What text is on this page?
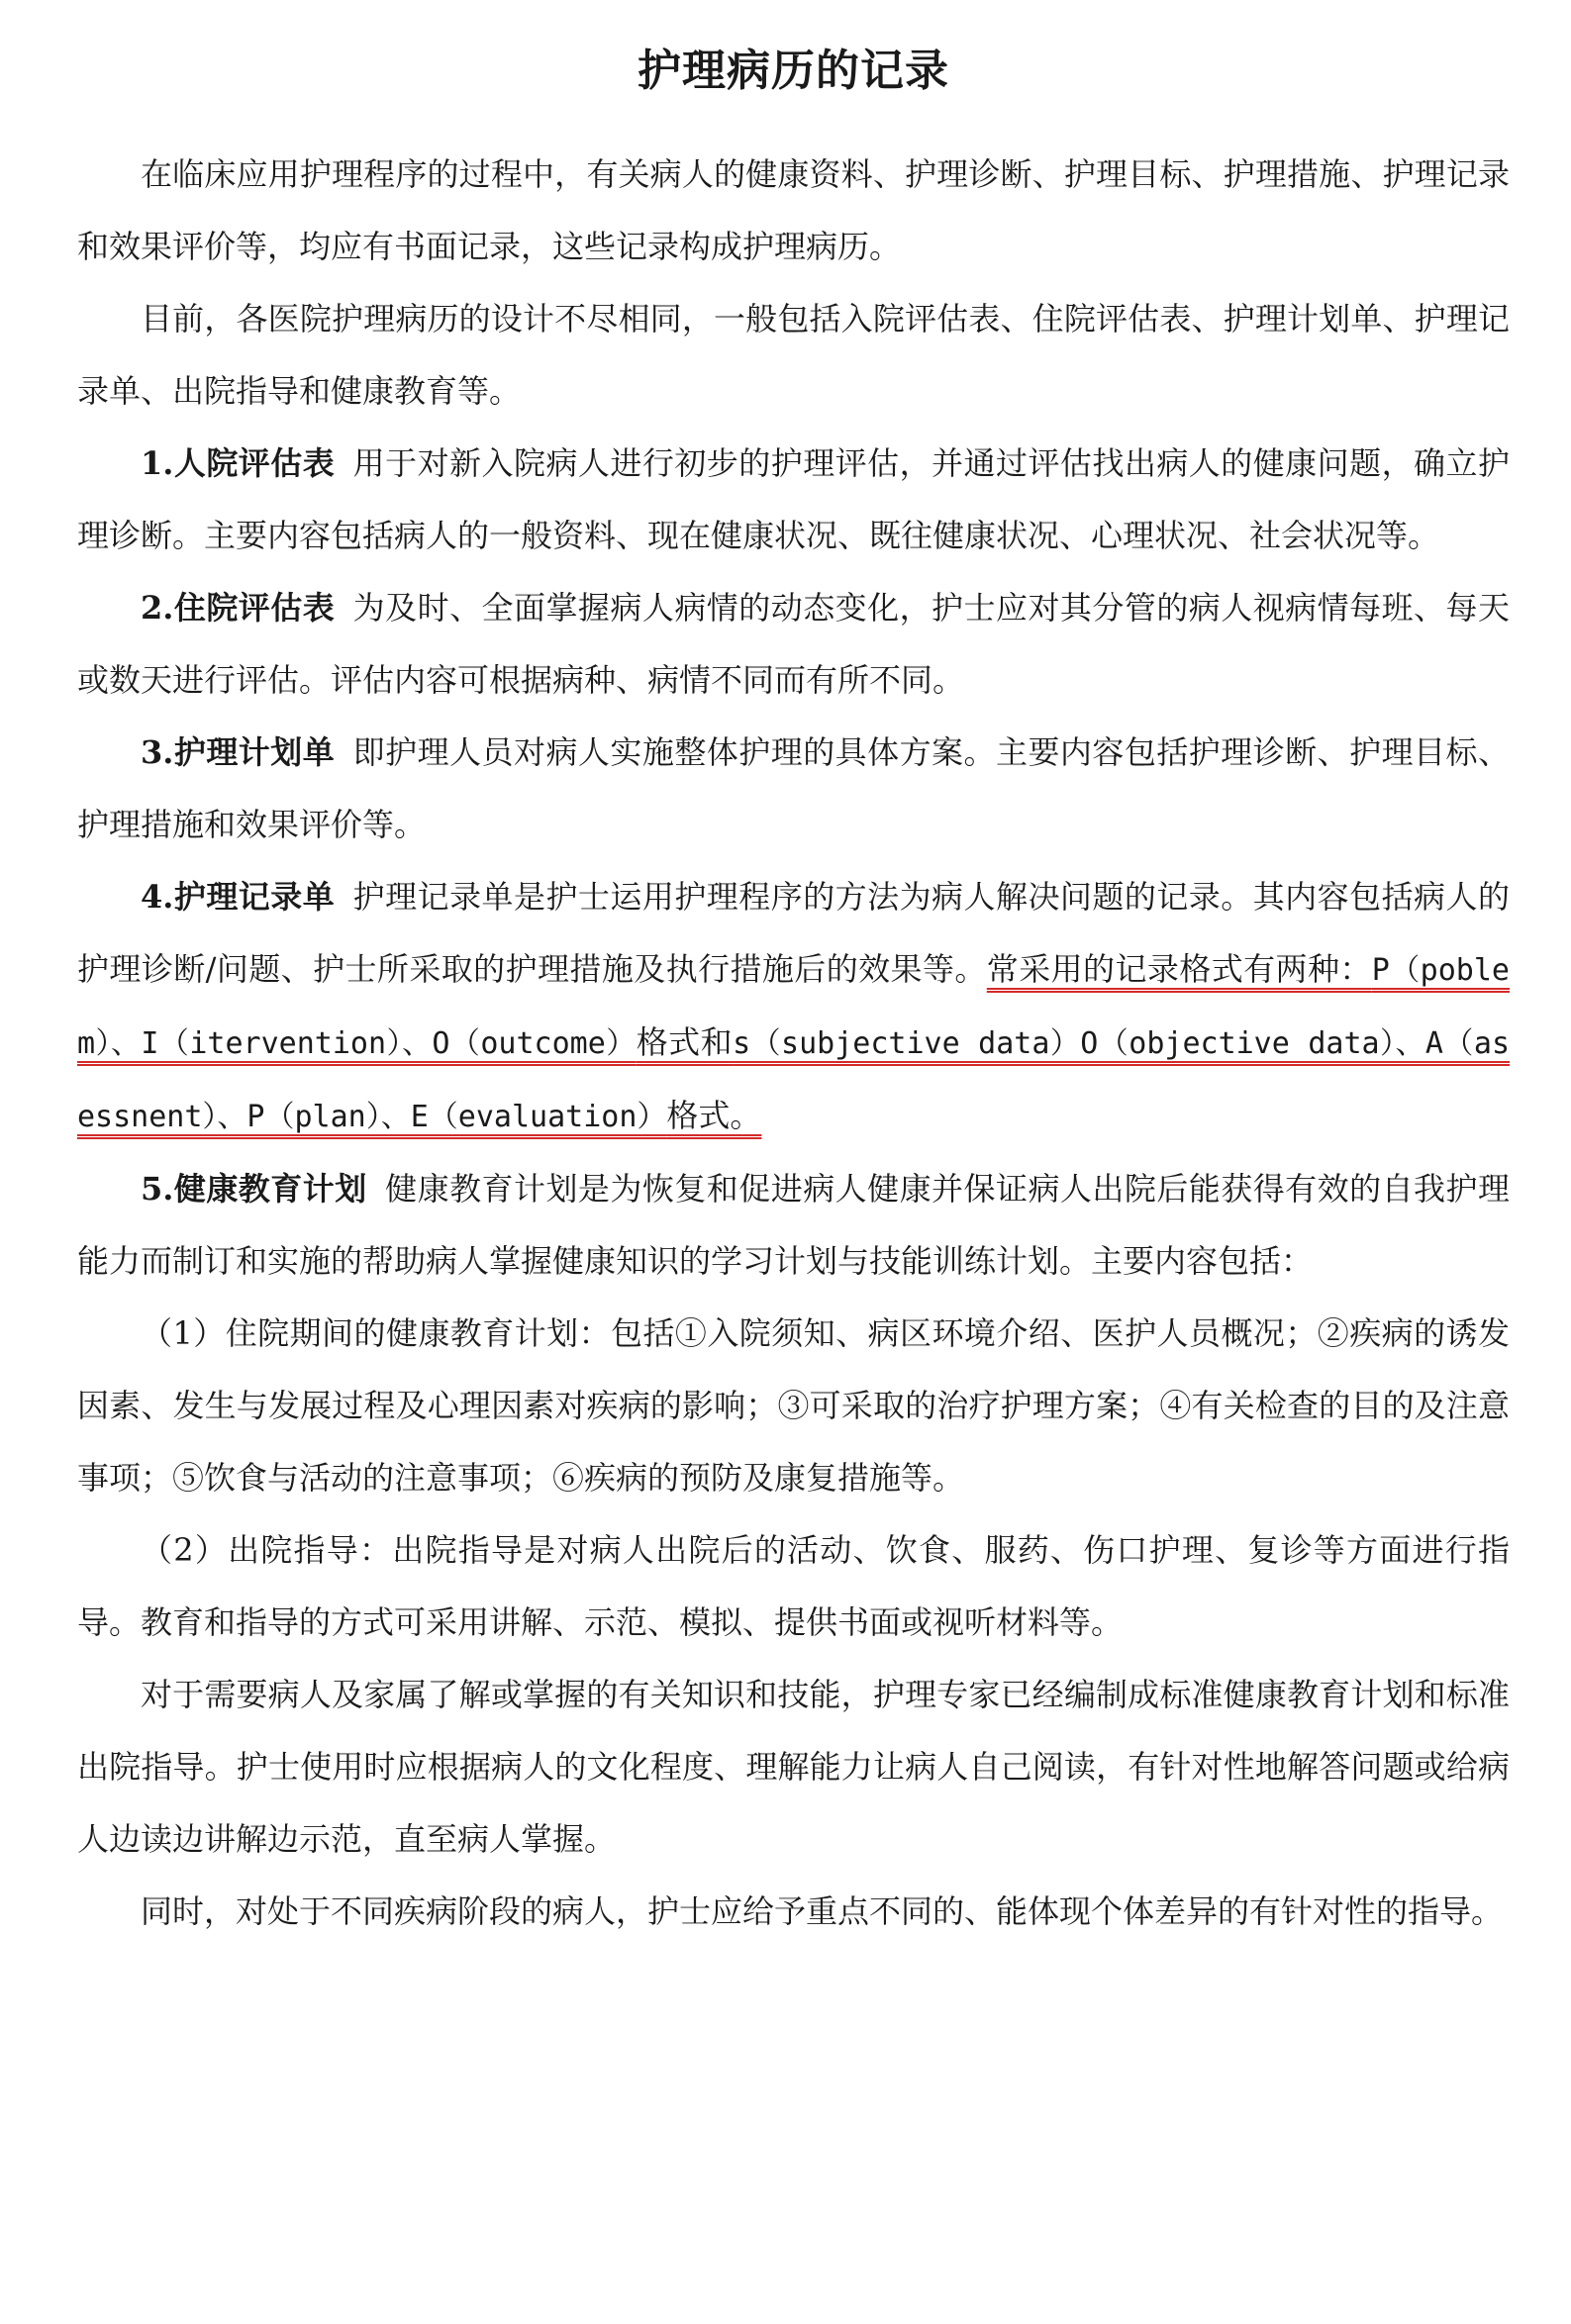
护理病历的记录

在临床应用护理程序的过程中，有关病人的健康资料、护理诊断、护理目标、护理措施、护理记录和效果评价等，均应有书面记录，这些记录构成护理病历。

目前，各医院护理病历的设计不尽相同，一般包括入院评估表、住院评估表、护理计划单、护理记录单、出院指导和健康教育等。

1.人院评估表 用于对新入院病人进行初步的护理评估，并通过评估找出病人的健康问题，确立护理诊断。主要内容包括病人的一般资料、现在健康状况、既往健康状况、心理状况、社会状况等。

2.住院评估表 为及时、全面掌握病人病情的动态变化，护士应对其分管的病人视病情每班、每天或数天进行评估。评估内容可根据病种、病情不同而有所不同。

3.护理计划单 即护理人员对病人实施整体护理的具体方案。主要内容包括护理诊断、护理目标、护理措施和效果评价等。

4.护理记录单 护理记录单是护士运用护理程序的方法为病人解决问题的记录。其内容包括病人的护理诊断/问题、护士所采取的护理措施及执行措施后的效果等。常采用的记录格式有两种：P（poblem）、I（itervention）、O（outcome）格式和s（subjective data）O（objective data）、A（asessnent）、P（plan）、E（evaluation）格式。

5.健康教育计划 健康教育计划是为恢复和促进病人健康并保证病人出院后能获得有效的自我护理能力而制订和实施的帮助病人掌握健康知识的学习计划与技能训练计划。主要内容包括：

（1）住院期间的健康教育计划：包括①入院须知、病区环境介绍、医护人员概况；②疾病的诱发因素、发生与发展过程及心理因素对疾病的影响；③可采取的治疗护理方案；④有关检查的目的及注意事项；⑤饮食与活动的注意事项；⑥疾病的预防及康复措施等。

（2）出院指导：出院指导是对病人出院后的活动、饮食、服药、伤口护理、复诊等方面进行指导。教育和指导的方式可采用讲解、示范、模拟、提供书面或视听材料等。

对于需要病人及家属了解或掌握的有关知识和技能，护理专家已经编制成标准健康教育计划和标准出院指导。护士使用时应根据病人的文化程度、理解能力让病人自己阅读，有针对性地解答问题或给病人边读边讲解边示范，直至病人掌握。

同时，对处于不同疾病阶段的病人，护士应给予重点不同的、能体现个体差异的有针对性的指导。
